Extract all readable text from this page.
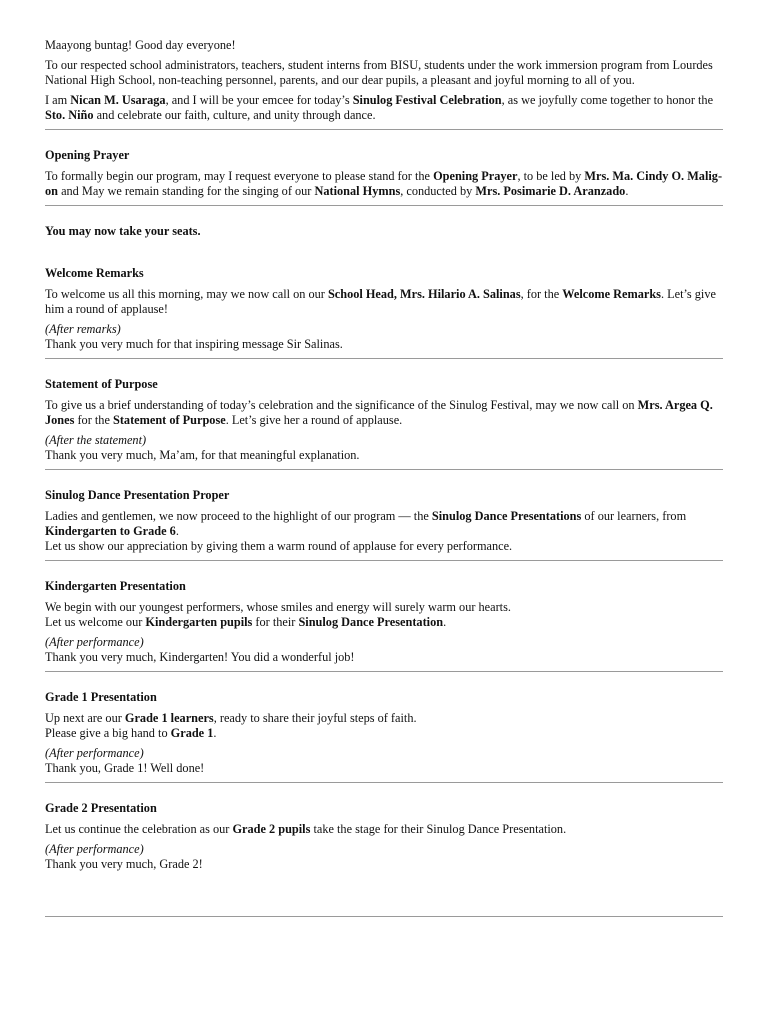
Maayong buntag! Good day everyone!

To our respected school administrators, teachers, student interns from BISU, students under the work immersion program from Lourdes National High School, non-teaching personnel, parents, and our dear pupils, a pleasant and joyful morning to all of you.

I am Nican M. Usaraga, and I will be your emcee for today’s Sinulog Festival Celebration, as we joyfully come together to honor the Sto. Niño and celebrate our faith, culture, and unity through dance.

Opening Prayer

To formally begin our program, may I request everyone to please stand for the Opening Prayer, to be led by Mrs. Ma. Cindy O. Malig-on and May we remain standing for the singing of our National Hymns, conducted by Mrs. Posimarie D. Aranzado.

You may now take your seats.

Welcome Remarks

To welcome us all this morning, may we now call on our School Head, Mrs. Hilario A. Salinas, for the Welcome Remarks. Let’s give him a round of applause!

(After remarks)
Thank you very much for that inspiring message Sir Salinas.

Statement of Purpose

To give us a brief understanding of today’s celebration and the significance of the Sinulog Festival, may we now call on Mrs. Argea Q. Jones for the Statement of Purpose. Let’s give her a round of applause.

(After the statement)
Thank you very much, Ma’am, for that meaningful explanation.

Sinulog Dance Presentation Proper

Ladies and gentlemen, we now proceed to the highlight of our program — the Sinulog Dance Presentations of our learners, from Kindergarten to Grade 6.
Let us show our appreciation by giving them a warm round of applause for every performance.

Kindergarten Presentation

We begin with our youngest performers, whose smiles and energy will surely warm our hearts.
Let us welcome our Kindergarten pupils for their Sinulog Dance Presentation.

(After performance)
Thank you very much, Kindergarten! You did a wonderful job!

Grade 1 Presentation

Up next are our Grade 1 learners, ready to share their joyful steps of faith.
Please give a big hand to Grade 1.

(After performance)
Thank you, Grade 1! Well done!

Grade 2 Presentation

Let us continue the celebration as our Grade 2 pupils take the stage for their Sinulog Dance Presentation.

(After performance)
Thank you very much, Grade 2!
